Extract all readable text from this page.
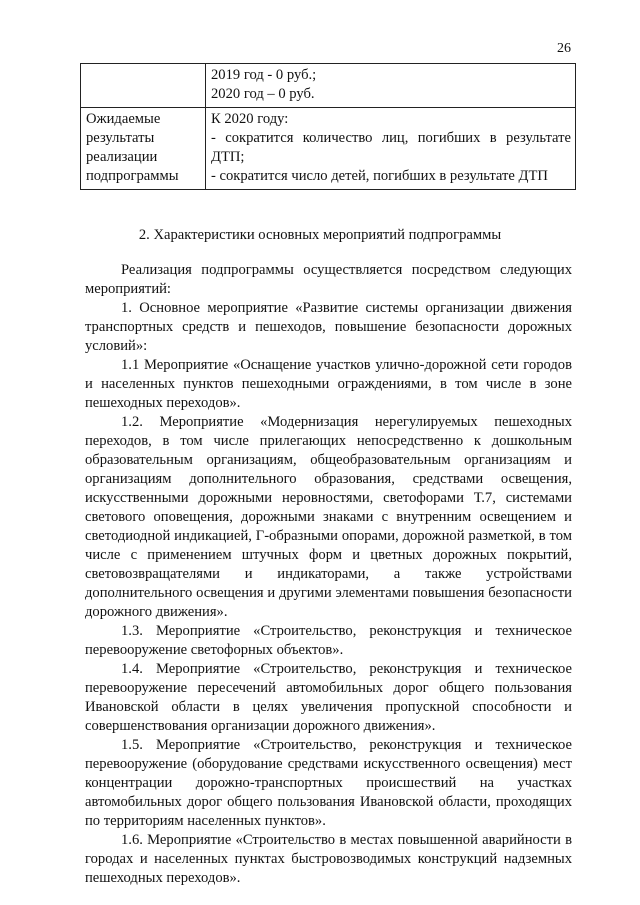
26

	2019 год - 0 руб.;

2020 год – 0 руб.

Ожидаемые результаты реализации подпрограммы	К 2020 году:

- сократится количество лиц, погибших в результате ДТП;

- сократится число детей, погибших в результате ДТП

2. Характеристики основных мероприятий подпрограммы

Реализация подпрограммы осуществляется посредством следующих мероприятий:

1. Основное мероприятие «Развитие системы организации движения транспортных средств и пешеходов, повышение безопасности дорожных условий»:

1.1 Мероприятие «Оснащение участков улично-дорожной сети городов и населенных пунктов пешеходными ограждениями, в том числе в зоне пешеходных переходов».

1.2. Мероприятие «Модернизация нерегулируемых пешеходных переходов, в том числе прилегающих непосредственно к дошкольным образовательным организациям, общеобразовательным организациям и организациям дополнительного образования, средствами освещения, искусственными дорожными неровностями, светофорами Т.7, системами светового оповещения, дорожными знаками с внутренним освещением и светодиодной индикацией, Г-образными опорами, дорожной разметкой, в том числе с применением штучных форм и цветных дорожных покрытий, световозвращателями и индикаторами, а также устройствами дополнительного освещения и другими элементами повышения безопасности дорожного движения».

1.3. Мероприятие «Строительство, реконструкция и техническое перевооружение светофорных объектов».

1.4. Мероприятие «Строительство, реконструкция и техническое перевооружение пересечений автомобильных дорог общего пользования Ивановской области в целях увеличения пропускной способности и совершенствования организации дорожного движения».

1.5. Мероприятие «Строительство, реконструкция и техническое перевооружение (оборудование средствами искусственного освещения) мест концентрации дорожно-транспортных происшествий на участках автомобильных дорог общего пользования Ивановской области, проходящих по территориям населенных пунктов».

1.6. Мероприятие «Строительство в местах повышенной аварийности в городах и населенных пунктах быстровозводимых конструкций надземных пешеходных переходов».
